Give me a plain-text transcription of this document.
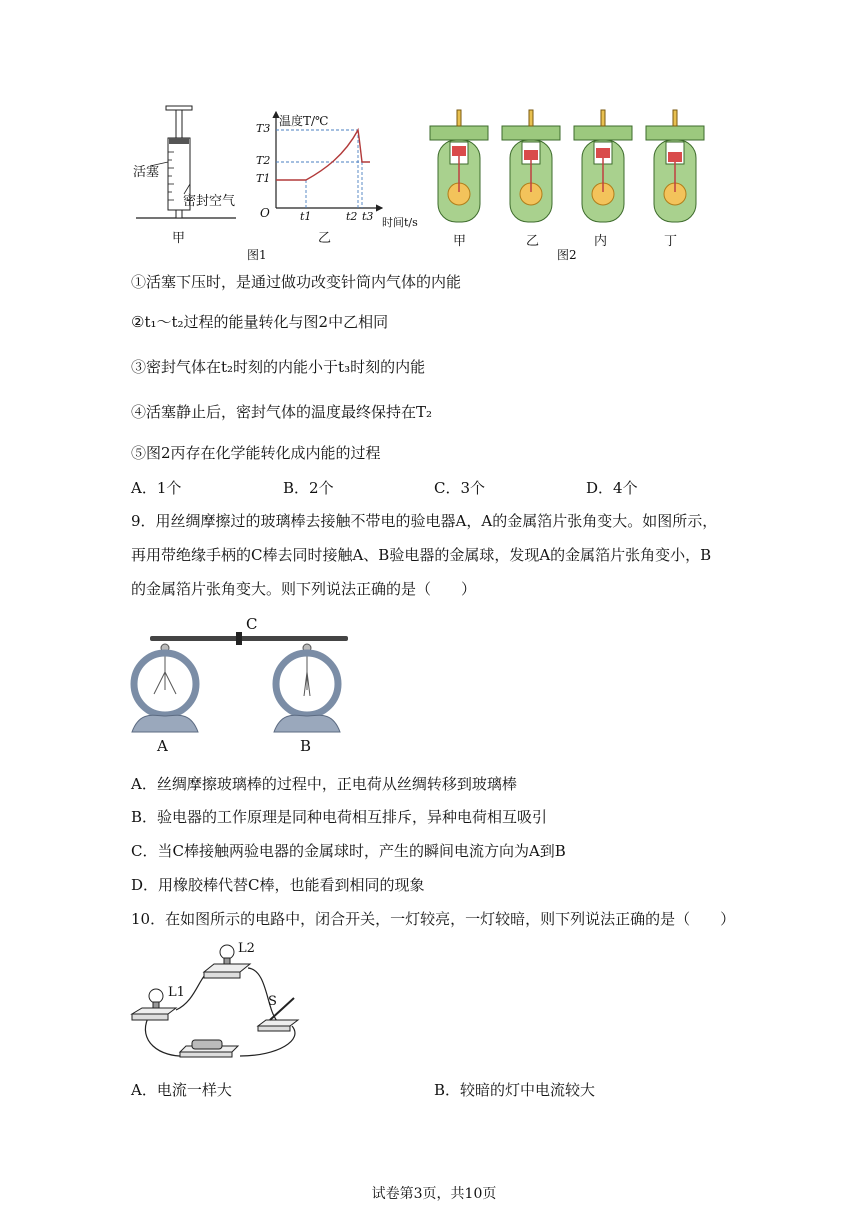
活塞
密封空气
甲
温度T/℃
时间t/s
O
T3
T2
T1
t1	t2 t3
乙
图1
甲	乙	内	丁
图2
①活塞下压时，是通过做功改变针筒内气体的内能
②t₁～t₂过程的能量转化与图2中乙相同
③密封气体在t₂时刻的内能小于t₃时刻的内能
④活塞静止后，密封气体的温度最终保持在T₂
⑤图2丙存在化学能转化成内能的过程
A．1个	B．2个	C．3个	D．4个
9．用丝绸摩擦过的玻璃棒去接触不带电的验电器A，A的金属箔片张角变大。如图所示，
再用带绝缘手柄的C棒去同时接触A、B验电器的金属球，发现A的金属箔片张角变小，B
的金属箔片张角变大。则下列说法正确的是（　　）
C
A	B
A．丝绸摩擦玻璃棒的过程中，正电荷从丝绸转移到玻璃棒
B．验电器的工作原理是同种电荷相互排斥，异种电荷相互吸引
C．当C棒接触两验电器的金属球时，产生的瞬间电流方向为A到B
D．用橡胶棒代替C棒，也能看到相同的现象
10．在如图所示的电路中，闭合开关，一灯较亮，一灯较暗，则下列说法正确的是（　　）
L1
L2
S
A．电流一样大	B．较暗的灯中电流较大
试卷第3页，共10页
